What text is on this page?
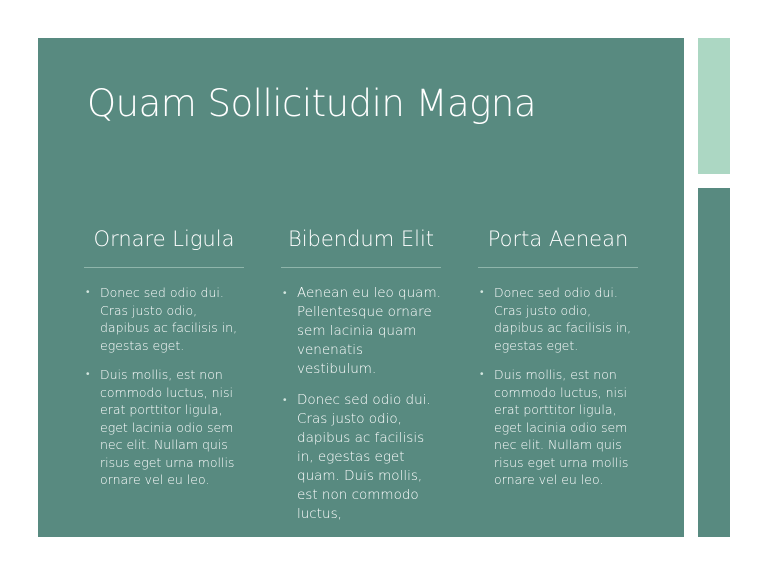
Quam Sollicitudin Magna
Ornare Ligula
• Donec sed odio dui. Cras justo odio, dapibus ac facilisis in, egestas eget.
• Duis mollis, est non commodo luctus, nisi erat porttitor ligula, eget lacinia odio sem nec elit. Nullam quis risus eget urna mollis ornare vel eu leo.
Bibendum Elit
• Aenean eu leo quam. Pellentesque ornare sem lacinia quam venenatis vestibulum.
• Donec sed odio dui. Cras justo odio, dapibus ac facilisis in, egestas eget quam. Duis mollis, est non commodo luctus,
Porta Aenean
• Donec sed odio dui. Cras justo odio, dapibus ac facilisis in, egestas eget.
• Duis mollis, est non commodo luctus, nisi erat porttitor ligula, eget lacinia odio sem nec elit. Nullam quis risus eget urna mollis ornare vel eu leo.
